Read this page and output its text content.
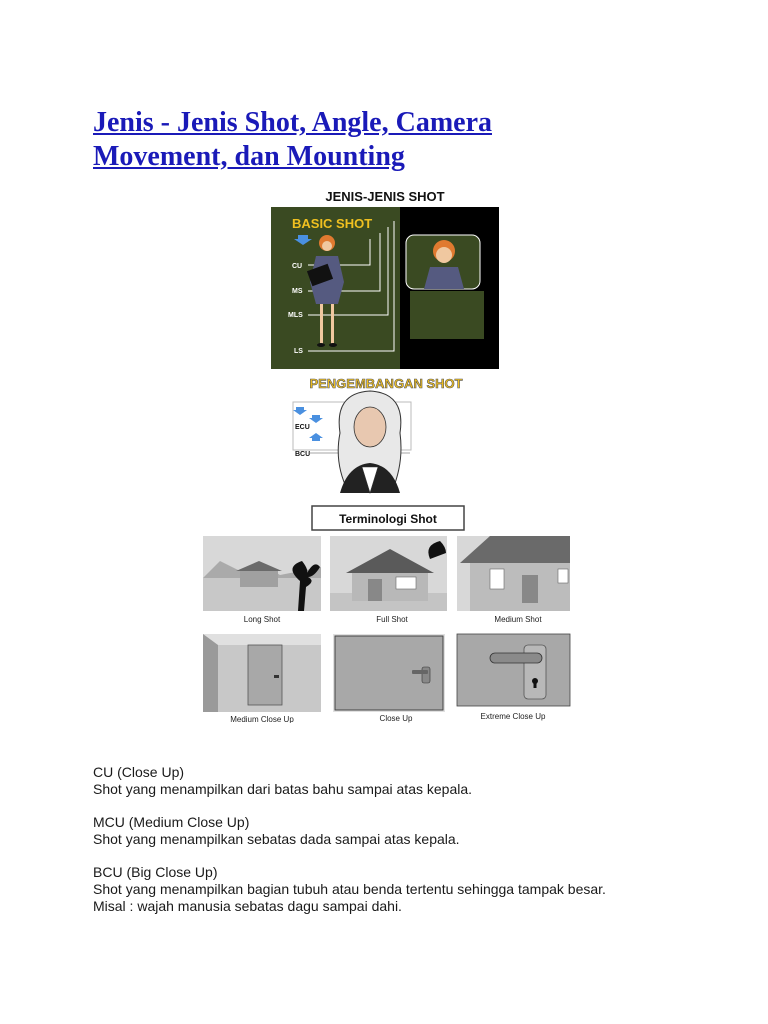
Jenis - Jenis Shot, Angle, Camera Movement, dan Mounting
JENIS-JENIS SHOT
BASIC SHOT
CU
MS
MLS
LS
PENGEMBANGAN SHOT
ECU
BCU
Terminologi Shot
Long Shot	Full Shot	Medium Shot
Medium Close Up	Close Up	Extreme Close Up

CU (Close Up)
Shot yang menampilkan dari batas bahu sampai atas kepala.

MCU (Medium Close Up)
Shot yang menampilkan sebatas dada sampai atas kepala.

BCU (Big Close Up)
Shot yang menampilkan bagian tubuh atau benda tertentu sehingga tampak besar.
Misal : wajah manusia sebatas dagu sampai dahi.
